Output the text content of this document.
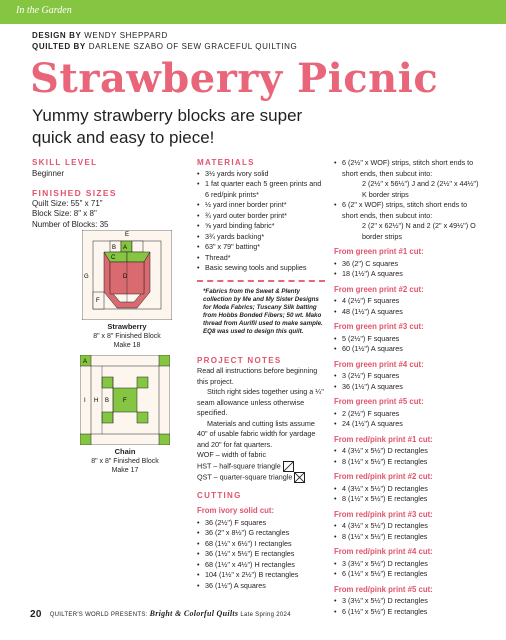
In the Garden
DESIGN BY WENDY SHEPPARD
QUILTED BY DARLENE SZABO OF SEW GRACEFUL QUILTING
Strawberry Picnic
Yummy strawberry blocks are super quick and easy to piece!
SKILL LEVEL
Beginner
FINISHED SIZES
Quilt Size: 55" x 71"
Block Size: 8" x 8"
Number of Blocks: 35
E
B A
C
D
G
F
Strawberry
8" x 8" Finished Block
Make 18
A
I H B F
Chain
8" x 8" Finished Block
Make 17
MATERIALS
• 3½ yards ivory solid
• 1 fat quarter each 5 green prints and 6 red/pink prints*
• ½ yard inner border print*
• ¾ yard outer border print*
• ⅝ yard binding fabric*
• 3¾ yards backing*
• 63" x 79" batting*
• Thread*
• Basic sewing tools and supplies
*Fabrics from the Sweet & Plenty collection by Me and My Sister Designs for Moda Fabrics; Tuscany Silk batting from Hobbs Bonded Fibers; 50 wt. Mako thread from Aurifil used to make sample. EQ8 was used to design this quilt.
PROJECT NOTES

Read all instructions before beginning this project.

Stitch right sides together using a ¼" seam allowance unless otherwise specified.

Materials and cutting lists assume 40" of usable fabric width for yardage and 20" for fat quarters.

WOF – width of fabric

HST – half-square triangle

QST – quarter-square triangle

CUTTING
From ivory solid cut:
• 36 (2½") F squares
• 36 (2" x 8½") G rectangles
• 68 (1½" x 6½") I rectangles
• 36 (1½" x 5½") E rectangles
• 68 (1½" x 4½") H rectangles
• 104 (1½" x 2½") B rectangles
• 36 (1½") A squares
• 6 (2½" x WOF) strips, stitch short ends to short ends, then subcut into:
2 (2½" x 56½") J and 2 (2½" x 44½") K border strips
• 6 (2" x WOF) strips, stitch short ends to short ends, then subcut into:
2 (2" x 62½") N and 2 (2" x 49½") O border strips
From green print #1 cut:
• 36 (2") C squares
• 18 (1½") A squares
From green print #2 cut:
• 4 (2½") F squares
• 48 (1½") A squares
From green print #3 cut:
• 5 (2½") F squares
• 60 (1½") A squares
From green print #4 cut:
• 3 (2½") F squares
• 36 (1½") A squares
From green print #5 cut:
• 2 (2½") F squares
• 24 (1½") A squares
From red/pink print #1 cut:
• 4 (3½" x 5½") D rectangles
• 8 (1½" x 5½") E rectangles
From red/pink print #2 cut:
• 4 (3½" x 5½") D rectangles
• 8 (1½" x 5½") E rectangles
From red/pink print #3 cut:
• 4 (3½" x 5½") D rectangles
• 8 (1½" x 5½") E rectangles
From red/pink print #4 cut:
• 3 (3½" x 5½") D rectangles
• 6 (1½" x 5½") E rectangles
From red/pink print #5 cut:
• 3 (3½" x 5½") D rectangles
• 6 (1½" x 5½") E rectangles
20 QUILTER'S WORLD PRESENTS: Bright & Colorful Quilts Late Spring 2024
